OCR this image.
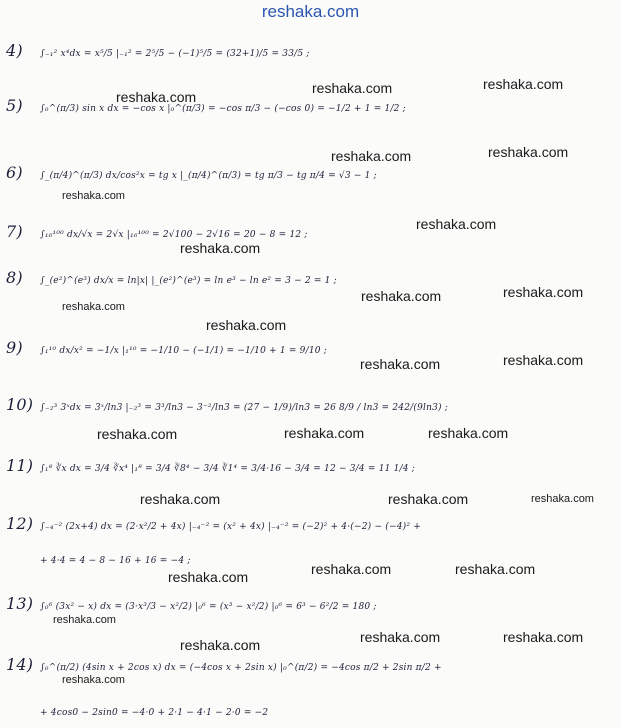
reshaka.com
4) ∫₋₁² x⁴dx = x⁵/5 |₋₁² = 2⁵/5 − (−1)⁵/5 = (32+1)/5 = 33/5 ;
5) ∫₀^(π/3) sin x dx = −cos x |₀^(π/3) = −cos π/3 − (−cos 0) = −1/2 + 1 = 1/2 ;
6) ∫_(π/4)^(π/3) dx/cos²x = tg x |_(π/4)^(π/3) = tg π/3 − tg π/4 = √3 − 1 ;
7) ∫₁₆¹⁰⁰ dx/√x = 2√x |₁₆¹⁰⁰ = 2√100 − 2√16 = 20 − 8 = 12 ;
8) ∫_(e²)^(e³) dx/x = ln|x| |_(e²)^(e³) = ln e³ − ln e² = 3 − 2 = 1 ;
9) ∫₁¹⁰ dx/x² = −1/x |₁¹⁰ = −1/10 − (−1/1) = −1/10 + 1 = 9/10 ;
10) ∫₋₂³ 3ˣdx = 3ˣ/ln3 |₋₂³ = 3³/ln3 − 3⁻²/ln3 = (27 − 1/9)/ln3 = 26 8/9 / ln3 = 242/(9ln3) ;
11) ∫₁⁸ ∛x dx = 3/4 ∛x⁴ |₁⁸ = 3/4 ∛8⁴ − 3/4 ∛1⁴ = 3/4·16 − 3/4 = 12 − 3/4 = 11 1/4 ;
12) ∫₋₄⁻² (2x+4) dx = (2·x²/2 + 4x) |₋₄⁻² = (x² + 4x) |₋₄⁻² = (−2)² + 4·(−2) − (−4)² +
+ 4·4 = 4 − 8 − 16 + 16 = −4 ;
13) ∫₀⁶ (3x² − x) dx = (3·x³/3 − x²/2) |₀⁶ = (x³ − x²/2) |₀⁶ = 6³ − 6²/2 = 180 ;
14) ∫₀^(π/2) (4sin x + 2cos x) dx = (−4cos x + 2sin x) |₀^(π/2) = −4cos π/2 + 2sin π/2 +
+ 4cos0 − 2sin0 = −4·0 + 2·1 − 4·1 − 2·0 = −2
reshaka.com	reshaka.com
reshaka.com
reshaka.com	reshaka.com
reshaka.com
reshaka.com
reshaka.com
reshaka.com	reshaka.com
reshaka.com
reshaka.com
reshaka.com	reshaka.com
reshaka.com	reshaka.com	reshaka.com
reshaka.com	reshaka.com	reshaka.com
reshaka.com	reshaka.com	reshaka.com
reshaka.com
reshaka.com	reshaka.com	reshaka.com
reshaka.com
